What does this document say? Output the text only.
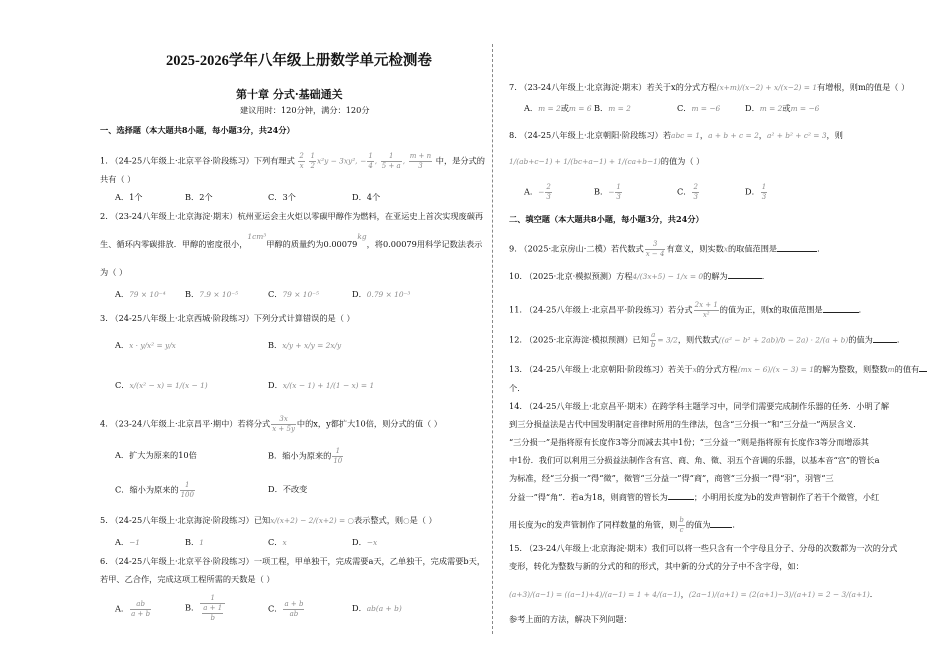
2025-2026学年八年级上册数学单元检测卷
第十章 分式·基础通关
建议用时：120分钟，满分：120分
一、选择题（本大题共8小题，每小题3分，共24分）
1. （24-25八年级上·北京平谷·阶段练习）下列有理式 $\frac{2}{x}$
$\frac{1}{2} x^2y - 3xy^2$, − $\frac{1}{4}$ , $\frac{1}{5 + a}$ , $\frac{m + n}{3}$ 中，是分式的
共有（ ）
A．1个	B．2个	C．3个	D．4个
2. （23-24八年级上·北京海淀·期末）杭州亚运会主火炬以零碳甲醇作为燃料，在亚运史上首次实现废碳再
生、循环内零碳排放．甲醇的密度很小，1cm³甲醇的质量约为0.00079kg，将0.00079用科学记数法表示
为（ ）
A．79 × 10⁻⁴ B．7.9 × 10⁻⁵	C．79 × 10⁻⁵	D．0.79 × 10⁻³
3. （24-25八年级上·北京西城·阶段练习）下列分式计算错误的是（ ）
A．x · y/x² = y/x	B．x/y + x/y = 2x/y
C．x/(x² − x) = 1/(x − 1)	D．x/(x − 1) + 1/(1 − x) = 1
4. （23-24八年级上·北京昌平·期中）若将分式 $\frac{3x}{x + 5y}$ 中的x，y都扩大10倍，则分式的值（ ）
A．扩大为原来的10倍	B．缩小为原来的 $\frac{1}{10}$
C．缩小为原来的 $\frac{1}{100}$	D．不改变
5. （24-25八年级上·北京海淀·阶段练习）已知x/(x+2) − 2/(x+2) = ○表示整式，则○是（ ）
A．−1	B．1	C．x	D．−x
6. （24-25八年级上·北京平谷·阶段练习）一项工程，甲单独干，完成需要a天，乙单独干，完成需要b天，
若甲、乙合作，完成这项工程所需的天数是（ ）
A． $\frac{ab}{a + b}$	B． $\frac{1}{\frac{a + 1}{b}}$	C． $\frac{a + b}{ab}$	D．ab(a + b)
7. （23-24八年级上·北京海淀·期末）若关于x的分式方程(x+m)/(x−2) + x/(x−2) = 1有增根，则m的值是（ ）
A．m = 2或m = 6 B．m = 2	C．m = −6	D．m = 2或m = −6
8. （24-25八年级上·北京朝阳·阶段练习）若abc = 1，a + b + c = 2，a² + b² + c² = 3，则
1/(ab+c−1) + 1/(bc+a−1) + 1/(ca+b−1)的值为（ ）
A．− $\frac{2}{3}$	B．− $\frac{1}{3}$	C． $\frac{2}{3}$	D． $\frac{1}{3}$
二、填空题（本大题共8小题，每小题3分，共24分）
9. （2025·北京房山·二模）若代数式 $\frac{3}{x - 4}$ 有意义，则实数x的取值范围是	．
10. （2025·北京·模拟预测）方程4/(3x+5) − 1/x = 0的解为	．
11. （24-25八年级上·北京昌平·阶段练习）若分式 $\frac{2x + 1}{\text{x²}}$ 的值为正，则x的取值范围是	．
12. （2025·北京海淀·模拟预测）已知 $\frac{a}{b} = 3/2$，则代数式((a² − b² + 2ab)/b − 2a) · 2/(a + b)的值为	．
13. （24-25八年级上·北京朝阳·阶段练习）若关于x的分式方程(mx − 6)/(x − 3) = 1的解为整数，则整数m的值有
个．
14. （24-25八年级上·北京昌平·期末）在跨学科主题学习中，同学们需要完成制作乐器的任务．小明了解
到三分损益法是古代中国发明制定音律时所用的生律法，包含“三分损一”和“三分益一”两层含义．
“三分损一”是指将原有长度作3等分而减去其中1份；“三分益一”则是指将原有长度作3等分而增添其
中1份．我们可以利用三分损益法制作含有宫、商、角、徵、羽五个音调的乐器，以基本音“宫”的管长a
为标准，经“三分损一”得“徵”，徵管“三分益一”得“商”，商管“三分损一”得“羽”，羽管“三
分益一”得“角”．若a为18，则商管的管长为	；小明用长度为b的发声管制作了若干个徵管，小红
用长度为c的发声管制作了同样数量的角管，则 $\frac{b}{c}$ 的值为	．
15. （23-24八年级上·北京海淀·期末）我们可以将一些只含有一个字母且分子、分母的次数都为一次的分式
变形，转化为整数与新的分式的和的形式，其中新的分式的分子中不含字母，如：
(a+3)/(a−1) = ((a−1)+4)/(a−1) = 1 + 4/(a−1)，(2a−1)/(a+1) = (2(a+1)−3)/(a+1) = 2 − 3/(a+1)．
参考上面的方法，解决下列问题：
